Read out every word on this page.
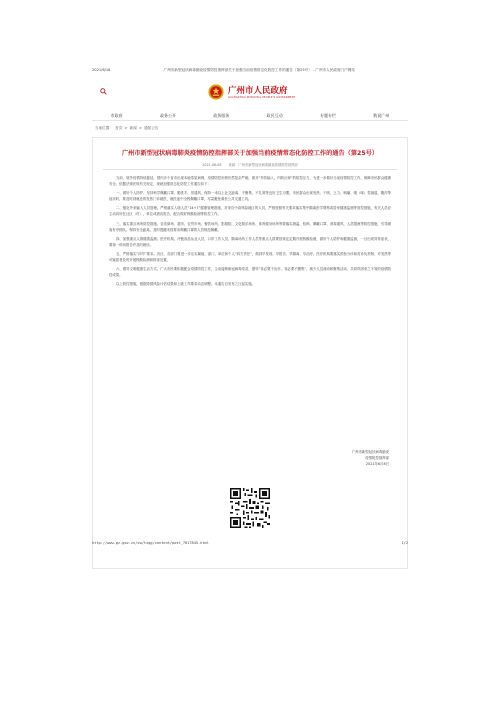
2021/6/18	广州市新型冠状病毒肺炎疫情防控指挥部关于加强当前疫情常态化防控工作的通告（第25号） - 广州市人民政府门户网站
广州市人民政府
GUANGZHOU MUNICIPAL PEOPLE'S GOVERNMENT
市政府	政务公开	政务服务	政民互动	专题专栏	数说广州
当前位置： 首页 > 新闻 > 通知公告
广州市新型冠状病毒肺炎疫情防控指挥部关于加强当前疫情常态化防控工作的通告（第25号）
2021-06-08 来源：广州市新型冠状病毒肺炎疫情防控指挥部

当前，境外疫情持续蔓延，国内多个省市出现本地零星病例，疫情防控形势仍然复杂严峻。面对“外防输入、内防反弹”的防控压力，为进一步做好当前疫情防控工作，保障市民群众健康安全，依据法律法规有关规定，现就加强常态化防控工作通告如下：

一、做好个人防护。坚持科学佩戴口罩、勤洗手、常通风、保持一米以上社交距离、不聚集、不扎堆等良好卫生习惯。市民群众出现发热、干咳、乏力、咽痛、嗅（味）觉减退、腹泻等症状时，要及时到就近的发热门诊就医，就医途中全程佩戴口罩，尽量避免乘坐公共交通工具。

二、强化外来输入人员管理。严格落实入境人员“14+7”健康管理措施，对来自中高风险地区的人员，严格按照有关要求落实集中隔离医学观察或居家健康监测等管控措施，有关人员应主动向所在社区（村）、单位或酒店报告，配合做好核酸检测等防控工作。

三、落实重点场所防控措施。各类商场、超市、农贸市场、餐饮场所、影剧院、文化娱乐场所、体育健身场所等要落实测温、验码、佩戴口罩、消毒通风、人员限流等防控措施，引导顾客有序排队、保持安全距离，及时提醒未按要求佩戴口罩的人员规范佩戴。

四、加强重点人群健康监测。医疗机构、冷链食品从业人员、口岸工作人员、隔离场所工作人员等重点人群要按规定定期开展核酸检测，做好个人防护和健康监测，一旦出现异常症状，要第一时间报告并及时就诊。

五、严格落实“四早”要求。各区、各部门要进一步压实属地、部门、单位和个人“四方责任”，做到早发现、早报告、早隔离、早治疗。医疗机构要落实预检分诊和首诊负责制，对发热等可疑患者及时开展核酸检测和排查处置。

六、倡导文明健康生活方式。广大市民要积极配合疫情防控工作，主动接种新冠病毒疫苗，倡导“非必要不出市、非必要不聚集”，减少人员流动和聚集活动，共同巩固来之不易的疫情防控成果。

以上防控措施，根据疫情风险评估结果和上级工作要求动态调整。本通告自发布之日起实施。

广州市新型冠状病毒肺炎
疫情防控指挥部
2021年6月8日
http://www.gz.gov.cn/xw/tzgg/content/post_7017845.html	1/2
